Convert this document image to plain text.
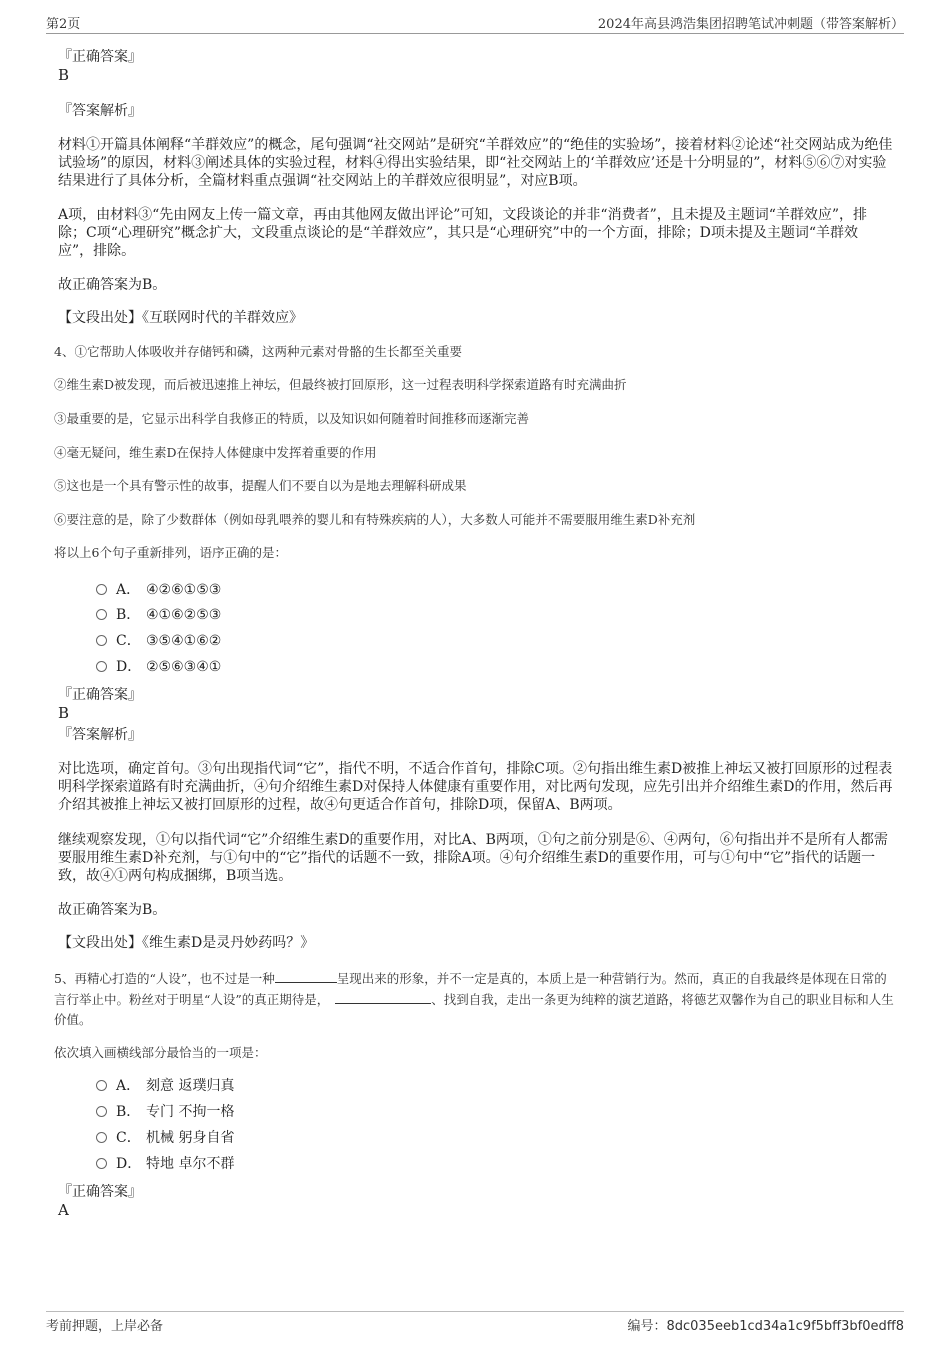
第2页	2024年高县鸿浩集团招聘笔试冲刺题（带答案解析）
『正确答案』
B
『答案解析』
材料①开篇具体阐释“羊群效应”的概念，尾句强调“社交网站”是研究“羊群效应”的“绝佳的实验场”，接着材料②论述“社交网站成为绝佳试验场”的原因，材料③阐述具体的实验过程，材料④得出实验结果，即“社交网站上的‘羊群效应’还是十分明显的”，材料⑤⑥⑦对实验结果进行了具体分析，全篇材料重点强调“社交网站上的羊群效应很明显”，对应B项。
A项，由材料③“先由网友上传一篇文章，再由其他网友做出评论”可知，文段谈论的并非“消费者”，且未提及主题词“羊群效应”，排除；C项“心理研究”概念扩大，文段重点谈论的是“羊群效应”，其只是“心理研究”中的一个方面，排除；D项未提及主题词“羊群效应”，排除。
故正确答案为B。
【文段出处】《互联网时代的羊群效应》
4、①它帮助人体吸收并存储钙和磷，这两种元素对骨骼的生长都至关重要
②维生素D被发现，而后被迅速推上神坛，但最终被打回原形，这一过程表明科学探索道路有时充满曲折
③最重要的是，它显示出科学自我修正的特质，以及知识如何随着时间推移而逐渐完善
④毫无疑问，维生素D在保持人体健康中发挥着重要的作用
⑤这也是一个具有警示性的故事，提醒人们不要自以为是地去理解科研成果
⑥要注意的是，除了少数群体（例如母乳喂养的婴儿和有特殊疾病的人），大多数人可能并不需要服用维生素D补充剂
将以上6个句子重新排列，语序正确的是：
A． ④②⑥①⑤③
B． ④①⑥②⑤③
C． ③⑤④①⑥②
D． ②⑤⑥③④①
『正确答案』
B
『答案解析』
对比选项，确定首句。③句出现指代词“它”，指代不明，不适合作首句，排除C项。②句指出维生素D被推上神坛又被打回原形的过程表明科学探索道路有时充满曲折，④句介绍维生素D对保持人体健康有重要作用，对比两句发现，应先引出并介绍维生素D的作用，然后再介绍其被推上神坛又被打回原形的过程，故④句更适合作首句，排除D项，保留A、B两项。
继续观察发现，①句以指代词“它”介绍维生素D的重要作用，对比A、B两项，①句之前分别是⑥、④两句，⑥句指出并不是所有人都需要服用维生素D补充剂，与①句中的“它”指代的话题不一致，排除A项。④句介绍维生素D的重要作用，可与①句中“它”指代的话题一致，故④①两句构成捆绑，B项当选。
故正确答案为B。
【文段出处】《维生素D是灵丹妙药吗？》
5、再精心打造的“人设”，也不过是一种	呈现出来的形象，并不一定是真的，本质上是一种营销行为。然而，真正的自我最终是体现在日常的言行举止中。粉丝对于明星“人设”的真正期待是，	、找到自我，走出一条更为纯粹的演艺道路，将德艺双馨作为自己的职业目标和人生价值。
依次填入画横线部分最恰当的一项是：
A． 刻意 返璞归真
B． 专门 不拘一格
C． 机械 躬身自省
D． 特地 卓尔不群
『正确答案』
A
考前押题，上岸必备	编号：8dc035eeb1cd34a1c9f5bff3bf0edff8
